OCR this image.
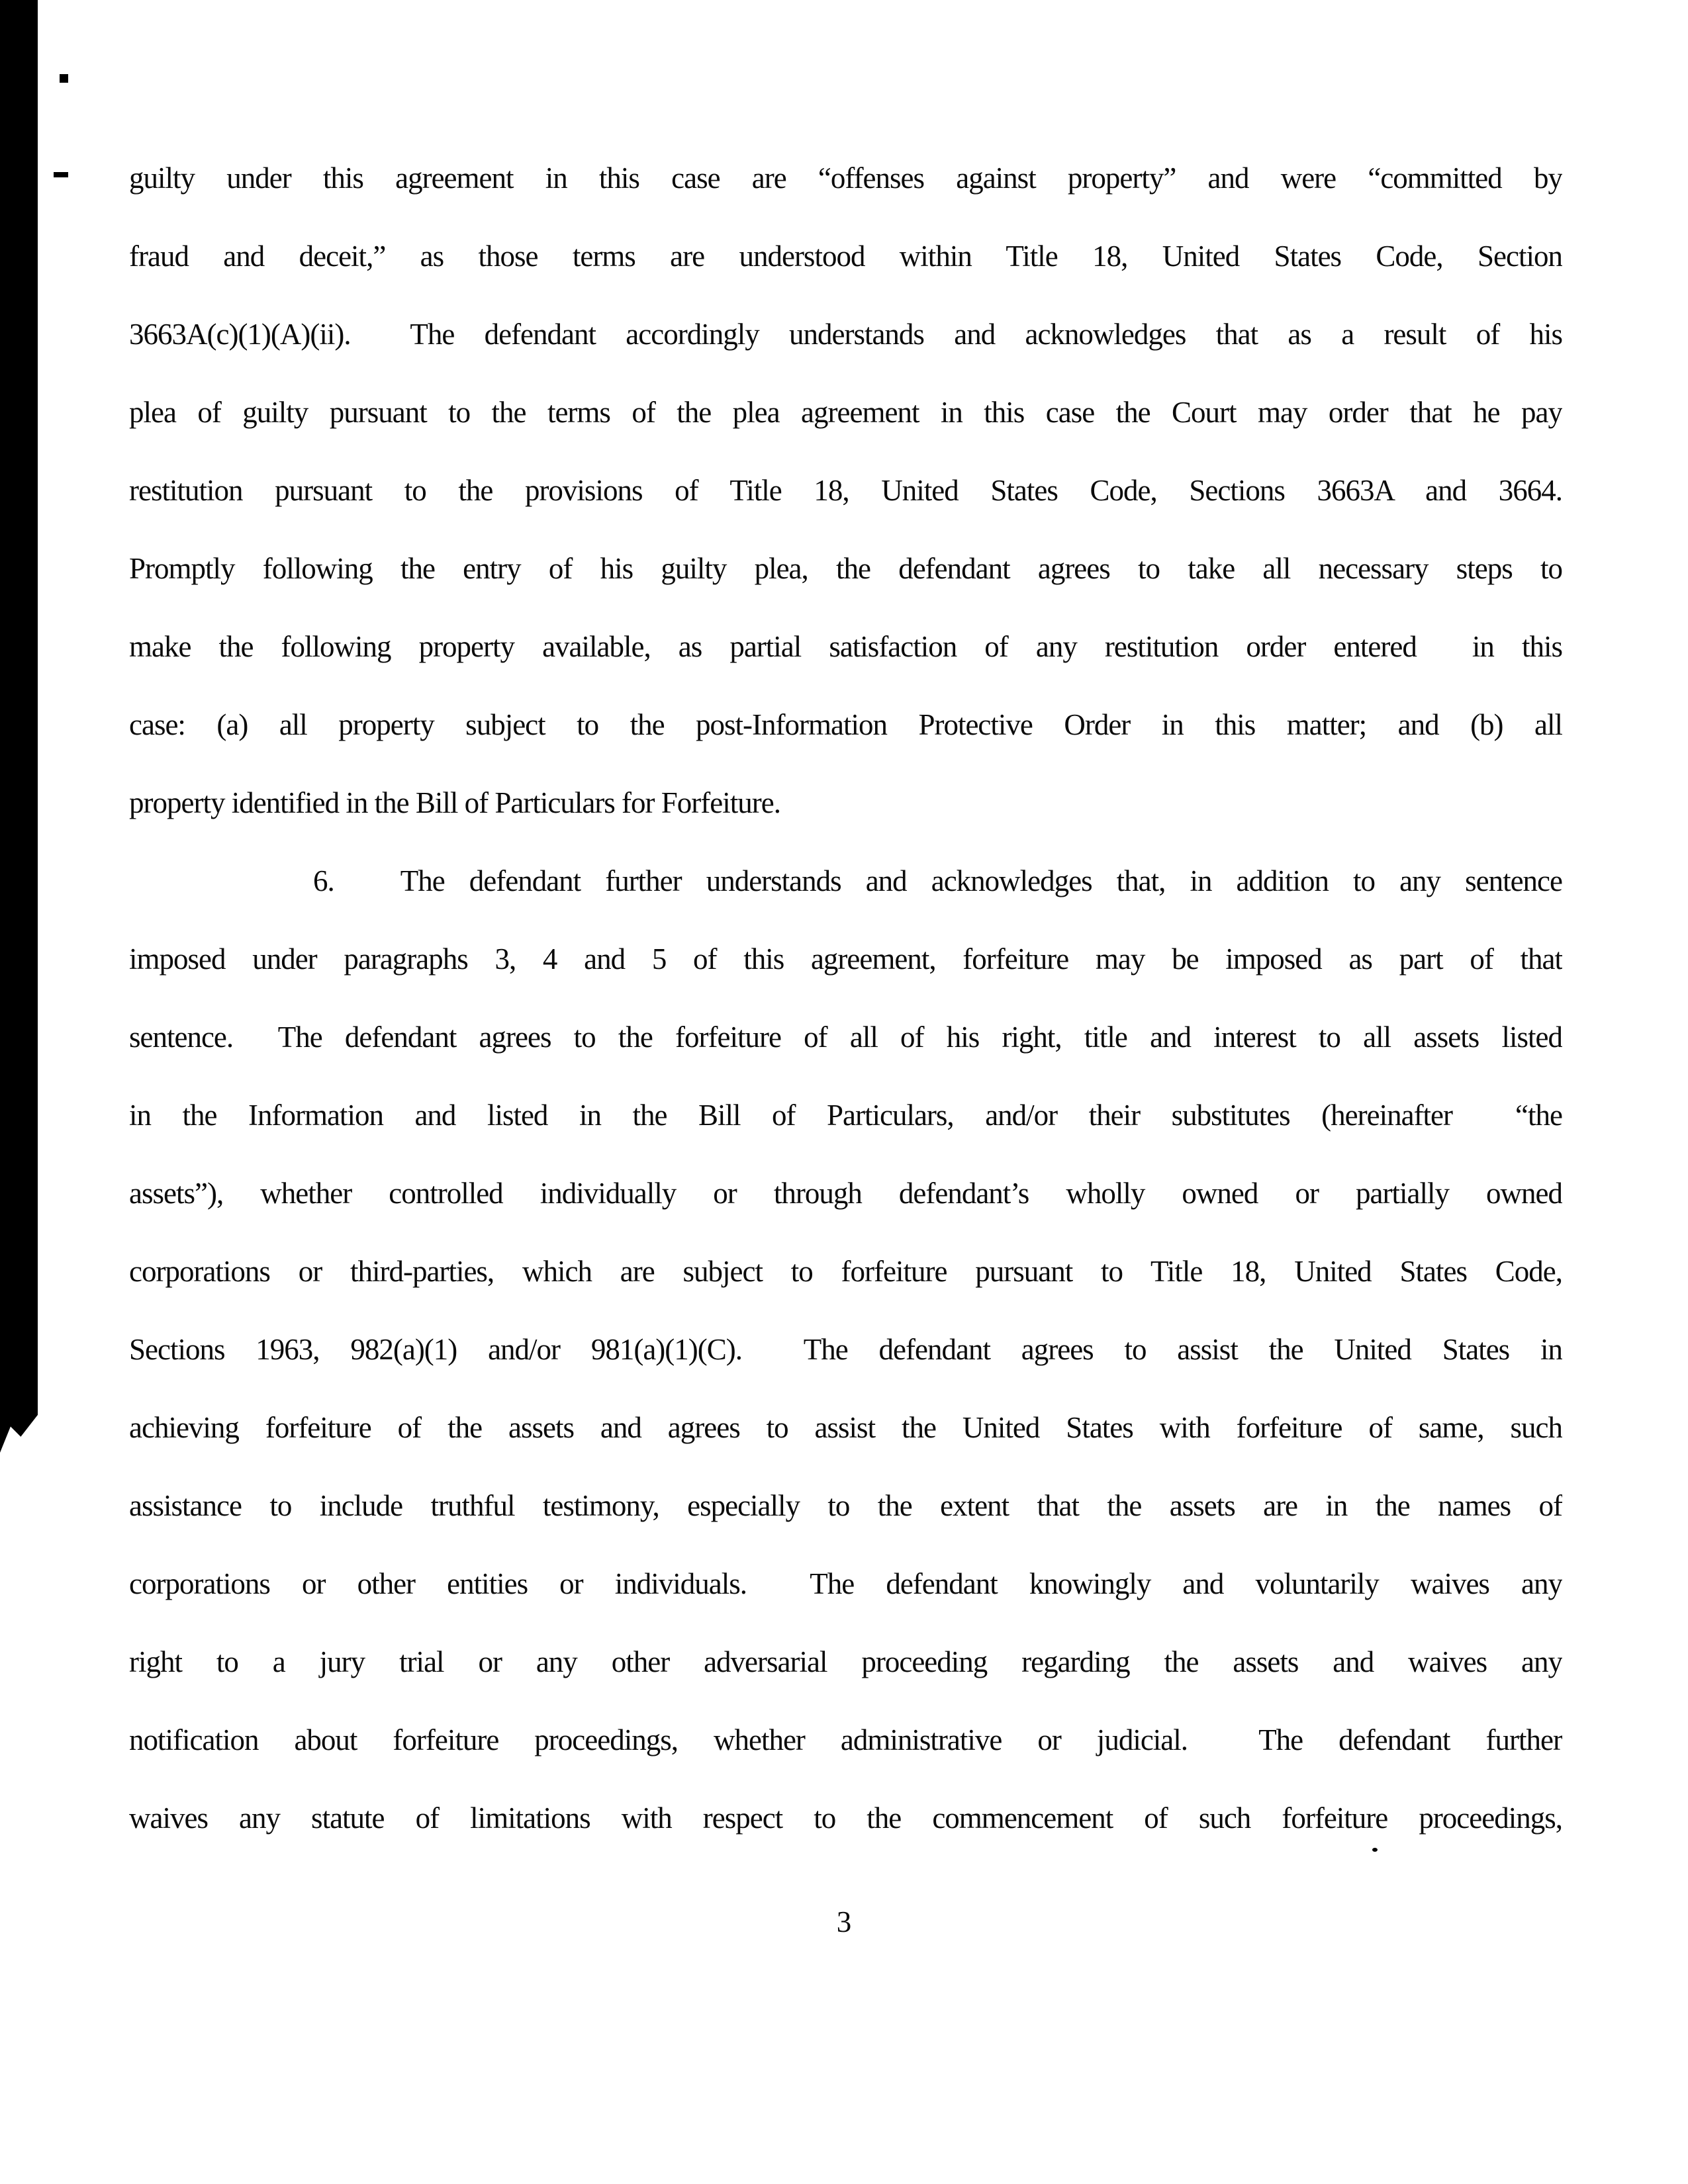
guilty under this agreement in this case are “offenses against property” and were “committed by
fraud and deceit,” as those terms are understood within Title 18, United States Code, Section
3663A(c)(1)(A)(ii).  The defendant accordingly understands and acknowledges that as a result of his
plea of guilty pursuant to the terms of the plea agreement in this case the Court may order that he pay
restitution pursuant to the provisions of Title 18, United States Code, Sections 3663A and 3664.
Promptly following the entry of his guilty plea, the defendant agrees to take all necessary steps to
make the following property available, as partial satisfaction of any restitution order entered  in this
case: (a) all property subject to the post-Information Protective Order in this matter; and (b) all
property identified in the Bill of Particulars for Forfeiture.
6. The defendant further understands and acknowledges that, in addition to any sentence
imposed under paragraphs 3, 4 and 5 of this agreement, forfeiture may be imposed as part of that
sentence.  The defendant agrees to the forfeiture of all of his right, title and interest to all assets listed
in the Information and listed in the Bill of Particulars, and/or their substitutes (hereinafter  “the
assets”), whether controlled individually or through defendant’s wholly owned or partially owned
corporations or third-parties, which are subject to forfeiture pursuant to Title 18, United States Code,
Sections 1963, 982(a)(1) and/or 981(a)(1)(C).  The defendant agrees to assist the United States in
achieving forfeiture of the assets and agrees to assist the United States with forfeiture of same, such
assistance to include truthful testimony, especially to the extent that the assets are in the names of
corporations or other entities or individuals.  The defendant knowingly and voluntarily waives any
right to a jury trial or any other adversarial proceeding regarding the assets and waives any
notification about forfeiture proceedings, whether administrative or judicial.  The defendant further
waives any statute of limitations with respect to the commencement of such forfeiture proceedings,
3
